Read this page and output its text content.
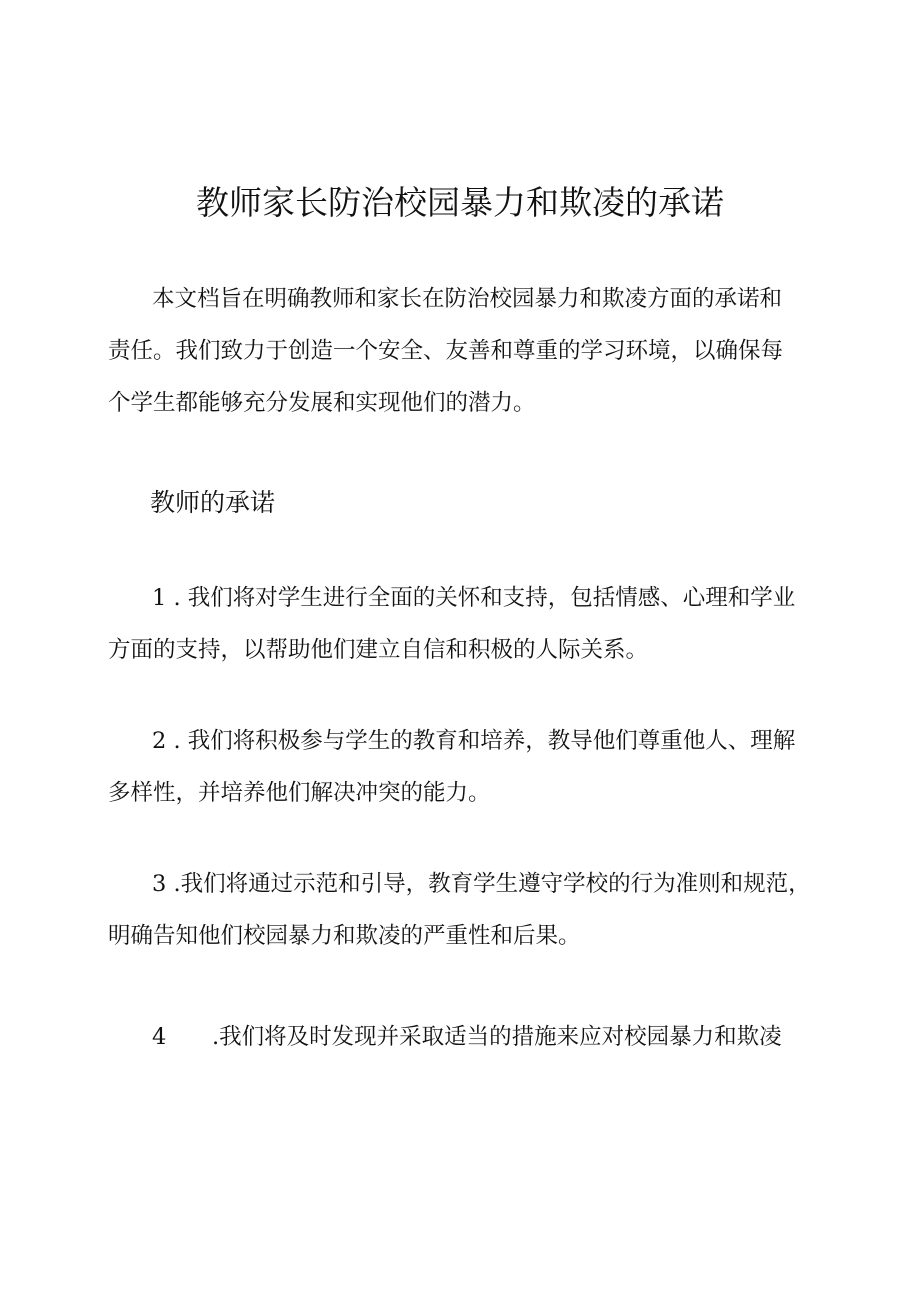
教师家长防治校园暴力和欺凌的承诺

本文档旨在明确教师和家长在防治校园暴力和欺凌方面的承诺和
责任。我们致力于创造一个安全、友善和尊重的学习环境，以确保每
个学生都能够充分发展和实现他们的潜力。

教师的承诺

1 . 我们将对学生进行全面的关怀和支持，包括情感、心理和学业
方面的支持，以帮助他们建立自信和积极的人际关系。

2 . 我们将积极参与学生的教育和培养，教导他们尊重他人、理解
多样性，并培养他们解决冲突的能力。

3 .我们将通过示范和引导，教育学生遵守学校的行为准则和规范，
明确告知他们校园暴力和欺凌的严重性和后果。

4 .我们将及时发现并采取适当的措施来应对校园暴力和欺凌
